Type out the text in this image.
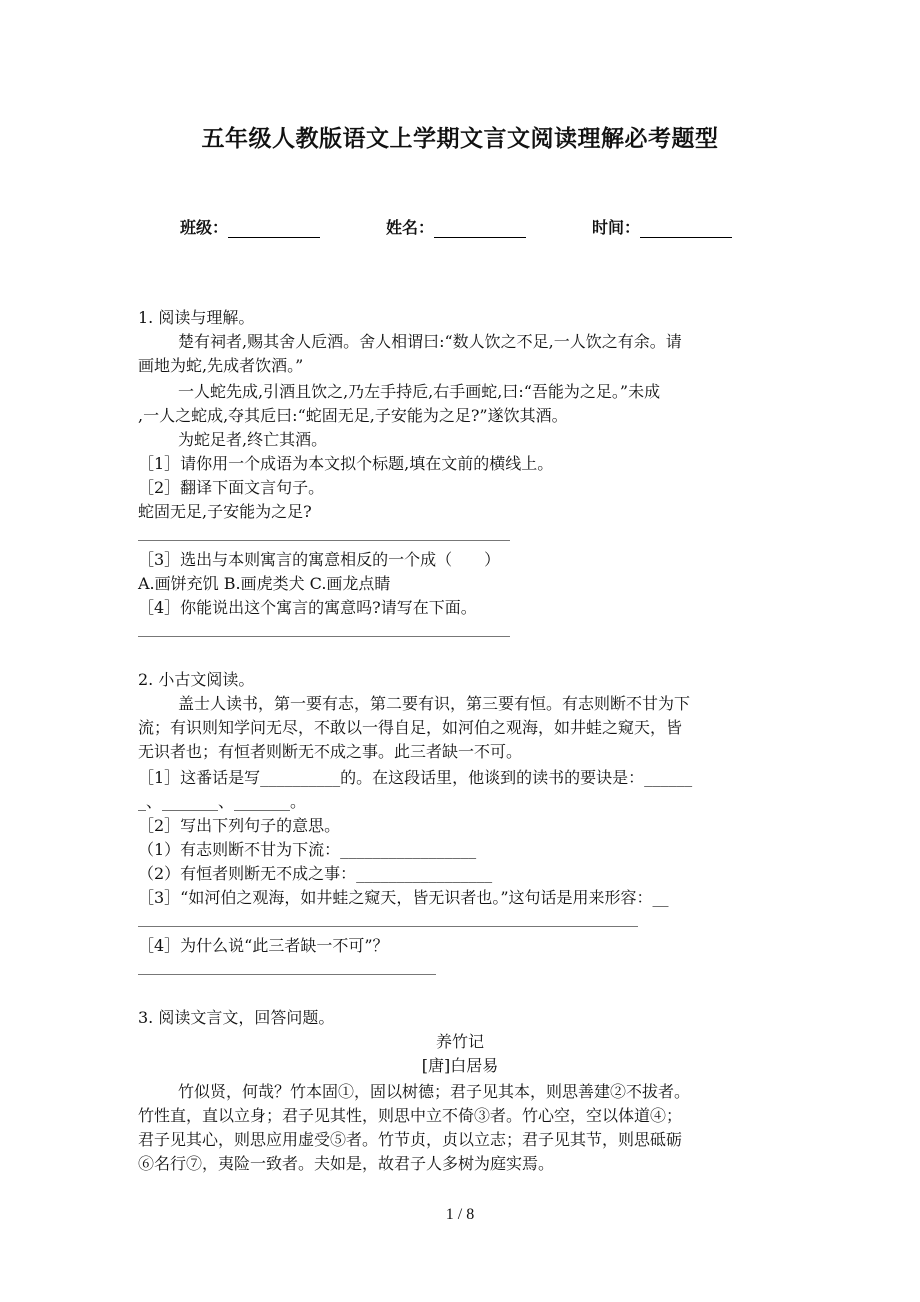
五年级人教版语文上学期文言文阅读理解必考题型
班级：	姓名：	时间：
1. 阅读与理解。
楚有祠者,赐其舍人卮酒。舍人相谓曰:“数人饮之不足,一人饮之有余。请
画地为蛇,先成者饮酒。”
一人蛇先成,引酒且饮之,乃左手持卮,右手画蛇,曰:“吾能为之足。”未成
,一人之蛇成,夺其卮曰:“蛇固无足,子安能为之足?”遂饮其酒。
为蛇足者,终亡其酒。
［1］请你用一个成语为本文拟个标题,填在文前的横线上。
［2］翻译下面文言句子。
蛇固无足,子安能为之足?
［3］选出与本则寓言的寓意相反的一个成（　　）
A.画饼充饥 B.画虎类犬 C.画龙点睛
［4］你能说出这个寓言的寓意吗?请写在下面。
2. 小古文阅读。
盖士人读书，第一要有志，第二要有识，第三要有恒。有志则断不甘为下
流；有识则知学问无尽，不敢以一得自足，如河伯之观海，如井蛙之窥天，皆
无识者也；有恒者则断无不成之事。此三者缺一不可。
［1］这番话是写__________的。在这段话里，他谈到的读书的要诀是：______
_、_______、_______。
［2］写出下列句子的意思。
（1）有志则断不甘为下流：_________________
（2）有恒者则断无不成之事：_________________
［3］“如河伯之观海，如井蛙之窥天，皆无识者也。”这句话是用来形容：__
［4］为什么说“此三者缺一不可”？
3. 阅读文言文，回答问题。
养竹记
[唐]白居易
竹似贤，何哉？竹本固①，固以树德；君子见其本，则思善建②不拔者。
竹性直，直以立身；君子见其性，则思中立不倚③者。竹心空，空以体道④；
君子见其心，则思应用虚受⑤者。竹节贞，贞以立志；君子见其节，则思砥砺
⑥名行⑦，夷险一致者。夫如是，故君子人多树为庭实焉。
1 / 8
